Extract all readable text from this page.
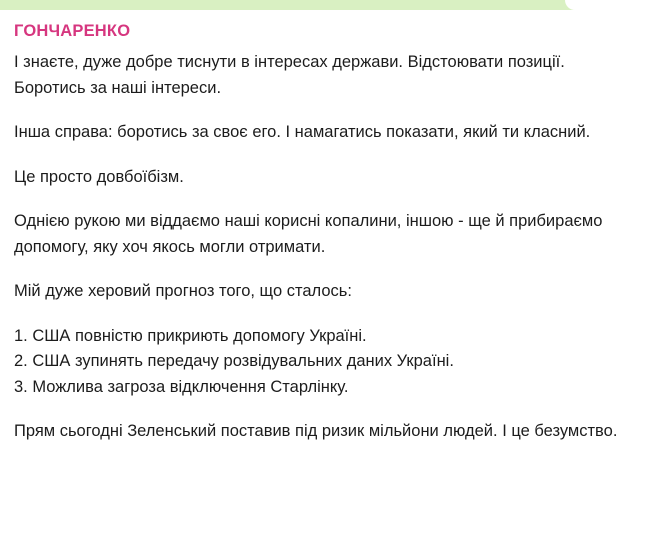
ГОНЧАРЕНКО

І знаєте, дуже добре тиснути в інтересах держави. Відстоювати позиції. Боротись за наші інтереси.

Інша справа: боротись за своє его. І намагатись показати, який ти класний.

Це просто довбоїбізм.

Однією рукою ми віддаємо наші корисні копалини, іншою - ще й прибираємо допомогу, яку хоч якось могли отримати.

Мій дуже херовий прогноз того, що сталось:

1. США повністю прикриють допомогу Україні.
2. США зупинять передачу розвідувальних даних Україні.
3. Можлива загроза відключення Старлінку.

Прям сьогодні Зеленський поставив під ризик мільйони людей. І це безумство.
